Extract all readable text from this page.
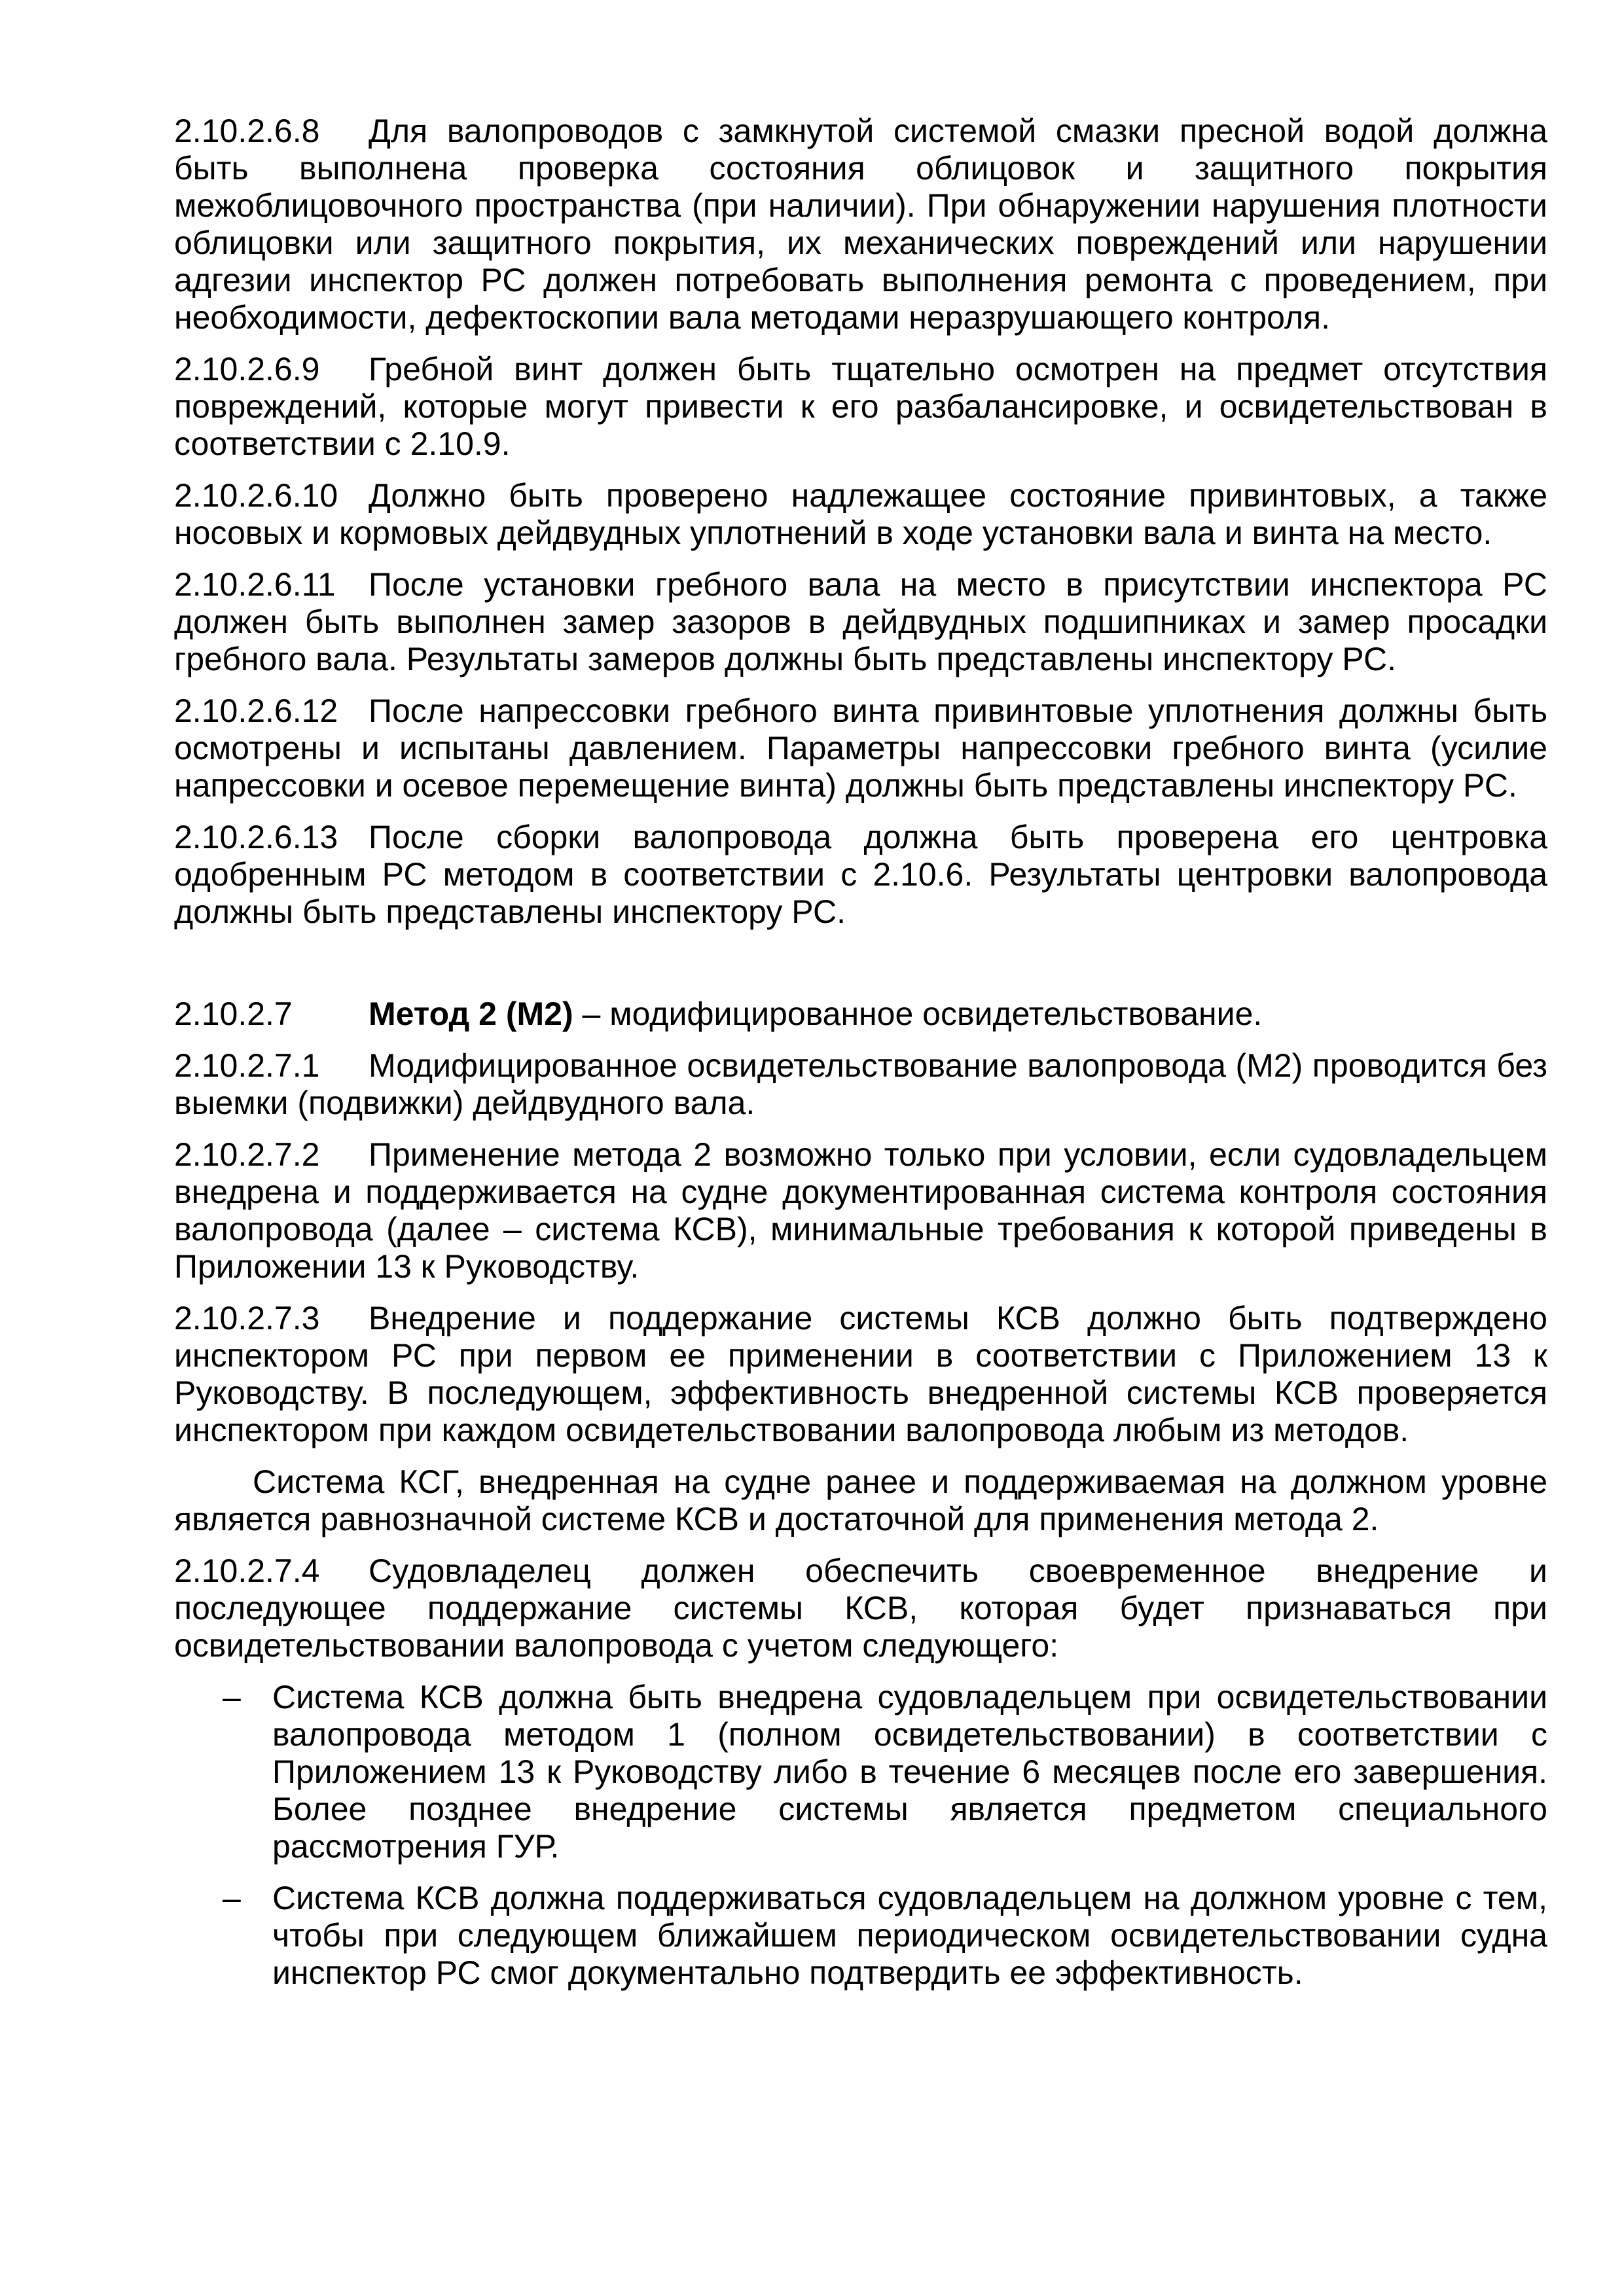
2.10.2.6.8 Для валопроводов с замкнутой системой смазки пресной водой должна быть выполнена проверка состояния облицовок и защитного покрытия межоблицовочного пространства (при наличии). При обнаружении нарушения плотности облицовки или защитного покрытия, их механических повреждений или нарушении адгезии инспектор РС должен потребовать выполнения ремонта с проведением, при необходимости, дефектоскопии вала методами неразрушающего контроля.

2.10.2.6.9 Гребной винт должен быть тщательно осмотрен на предмет отсутствия повреждений, которые могут привести к его разбалансировке, и освидетельствован в соответствии с 2.10.9.

2.10.2.6.10 Должно быть проверено надлежащее состояние привинтовых, а также носовых и кормовых дейдвудных уплотнений в ходе установки вала и винта на место.

2.10.2.6.11 После установки гребного вала на место в присутствии инспектора РС должен быть выполнен замер зазоров в дейдвудных подшипниках и замер просадки гребного вала. Результаты замеров должны быть представлены инспектору РС.

2.10.2.6.12 После напрессовки гребного винта привинтовые уплотнения должны быть осмотрены и испытаны давлением. Параметры напрессовки гребного винта (усилие напрессовки и осевое перемещение винта) должны быть представлены инспектору РС.

2.10.2.6.13 После сборки валопровода должна быть проверена его центровка одобренным РС методом в соответствии с 2.10.6. Результаты центровки валопровода должны быть представлены инспектору РС.

2.10.2.7 Метод 2 (М2) – модифицированное освидетельствование.

2.10.2.7.1 Модифицированное освидетельствование валопровода (М2) проводится без выемки (подвижки) дейдвудного вала.

2.10.2.7.2 Применение метода 2 возможно только при условии, если судовладельцем внедрена и поддерживается на судне документированная система контроля состояния валопровода (далее – система КСВ), минимальные требования к которой приведены в Приложении 13 к Руководству.

2.10.2.7.3 Внедрение и поддержание системы КСВ должно быть подтверждено инспектором РС при первом ее применении в соответствии с Приложением 13 к Руководству. В последующем, эффективность внедренной системы КСВ проверяется инспектором при каждом освидетельствовании валопровода любым из методов.

Система КСГ, внедренная на судне ранее и поддерживаемая на должном уровне является равнозначной системе КСВ и достаточной для применения метода 2.

2.10.2.7.4 Судовладелец должен обеспечить своевременное внедрение и последующее поддержание системы КСВ, которая будет признаваться при освидетельствовании валопровода с учетом следующего:

– Система КСВ должна быть внедрена судовладельцем при освидетельствовании валопровода методом 1 (полном освидетельствовании) в соответствии с Приложением 13 к Руководству либо в течение 6 месяцев после его завершения. Более позднее внедрение системы является предметом специального рассмотрения ГУР.
– Система КСВ должна поддерживаться судовладельцем на должном уровне с тем, чтобы при следующем ближайшем периодическом освидетельствовании судна инспектор РС смог документально подтвердить ее эффективность.
